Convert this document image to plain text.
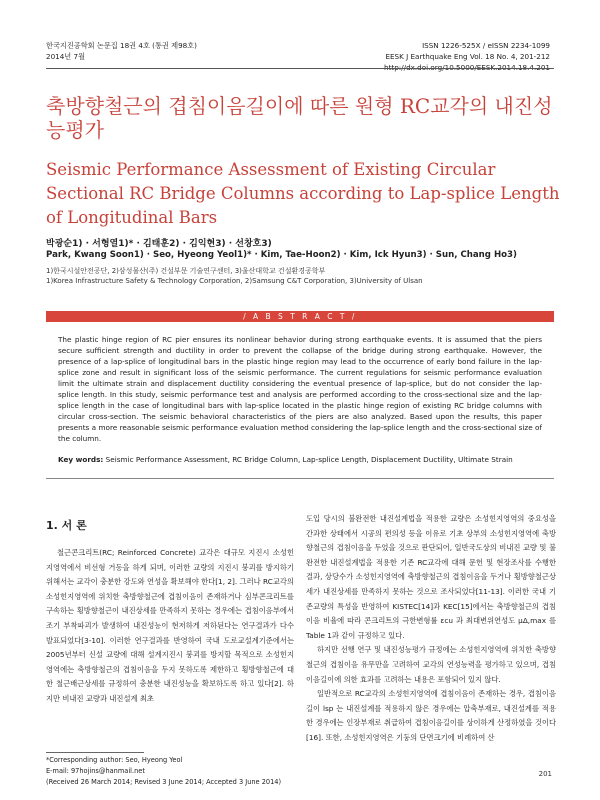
한국지진공학회 논문집 18권 4호 (통권 제98호)
2014년 7월
ISSN 1226-525X / eISSN 2234-1099
EESK J Earthquake Eng Vol. 18 No. 4, 201-212
http://dx.doi.org/10.5000/EESK.2014.18.4.201
축방향철근의 겹침이음길이에 따른 원형 RC교각의 내진성능평가
Seismic Performance Assessment of Existing Circular Sectional RC Bridge Columns according to Lap-splice Length of Longitudinal Bars
박광순1) · 서형열1)* · 김태훈2) · 김익현3) · 선창호3)
Park, Kwang Soon1) · Seo, Hyeong Yeol1)* · Kim, Tae-Hoon2) · Kim, Ick Hyun3) · Sun, Chang Ho3)
1)한국시설안전공단, 2)삼성물산(주) 건설부문 기술연구센터, 3)울산대학교 건설환경공학부
1)Korea Infrastructure Safety & Technology Corporation, 2)Samsung C&T Corporation, 3)University of Ulsan
/ A B S T R A C T /
The plastic hinge region of RC pier ensures its nonlinear behavior during strong earthquake events. It is assumed that the piers secure sufficient strength and ductility in order to prevent the collapse of the bridge during strong earthquake. However, the presence of a lap-splice of longitudinal bars in the plastic hinge region may lead to the occurrence of early bond failure in the lap-splice zone and result in significant loss of the seismic performance. The current regulations for seismic performance evaluation limit the ultimate strain and displacement ductility considering the eventual presence of lap-splice, but do not consider the lap-splice length. In this study, seismic performance test and analysis are performed according to the cross-sectional size and the lap-splice length in the case of longitudinal bars with lap-splice located in the plastic hinge region of existing RC bridge columns with circular cross-section. The seismic behavioral characteristics of the piers are also analyzed. Based upon the results, this paper presents a more reasonable seismic performance evaluation method considering the lap-splice length and the cross-sectional size of the column.
Key words: Seismic Performance Assessment, RC Bridge Column, Lap-splice Length, Displacement Ductility, Ultimate Strain
1. 서 론

철근콘크리트(RC; Reinforced Concrete) 교각은 대규모 지진시 소성힌지영역에서 비선형 거동을 하게 되며, 이러한 교량의 지진시 붕괴를 방지하기 위해서는 교각이 충분한 강도와 연성을 확보해야 한다[1, 2]. 그러나 RC교각의 소성힌지영역에 위치한 축방향철근에 겹침이음이 존재하거나 심부콘크리트를 구속하는 횡방향철근이 내진상세를 만족하지 못하는 경우에는 겹침이음부에서 조기 부착파괴가 발생하여 내진성능이 현저하게 저하된다는 연구결과가 다수 발표되었다[3-10]. 이러한 연구결과를 반영하여 국내 도로교설계기준에서는 2005년부터 신설 교량에 대해 설계지진시 붕괴를 방지할 목적으로 소성힌지영역에는 축방향철근의 겹침이음을 두지 못하도록 제한하고 횡방향철근에 대한 철근배근상세를 규정하여 충분한 내진성능을 확보하도록 하고 있다[2]. 하지만 비내진 교량과 내진설계 최초

도입 당시의 불완전한 내진설계법을 적용한 교량은 소성힌지영역의 중요성을 간과한 상태에서 시공의 편의성 등을 이유로 기초 상부의 소성힌지영역에 축방향철근의 겹침이음을 두었을 것으로 판단되어, 일반국도상의 비내진 교량 및 불완전한 내진설계법을 적용한 기존 RC교각에 대해 문헌 및 현장조사를 수행한 결과, 상당수가 소성힌지영역에 축방향철근의 겹침이음을 두거나 횡방향철근상세가 내진상세를 만족하지 못하는 것으로 조사되었다[11-13]. 이러한 국내 기존교량의 특성을 반영하여 KISTEC[14]과 KEC[15]에서는 축방향철근의 겹침이음 비율에 따라 콘크리트의 극한변형률 εcu 과 최대변위연성도 μΔ,max 를 Table 1과 같이 규정하고 있다.

하지만 선행 연구 및 내진성능평가 규정에는 소성힌지영역에 위치한 축방향철근의 겹침이음 유무만을 고려하여 교각의 연성능력을 평가하고 있으며, 겹침이음길이에 의한 효과를 고려하는 내용은 포함되어 있지 않다.

일반적으로 RC교각의 소성힌지영역에 겹침이음이 존재하는 경우, 겹침이음길이 lsp 는 내진설계를 적용하지 않은 경우에는 압축부재로, 내진설계를 적용한 경우에는 인장부재로 취급하여 겹침이음길이를 상이하게 산정하였을 것이다[16]. 또한, 소성힌지영역은 기둥의 단면크기에 비례하여 산

*Corresponding author: Seo, Hyeong Yeol
E-mail: 97hojins@hanmail.net
(Received 26 March 2014; Revised 3 June 2014; Accepted 3 June 2014)
201
